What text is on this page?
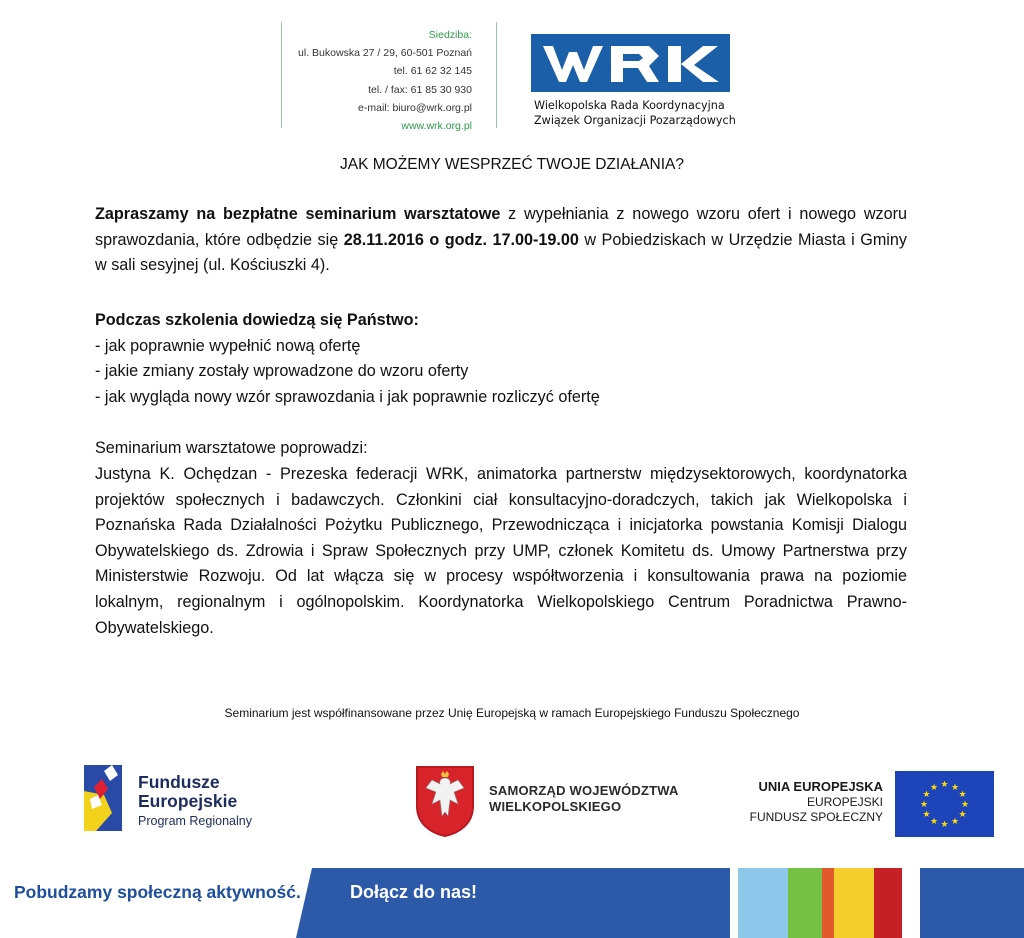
Siedziba:
ul. Bukowska 27 / 29, 60-501 Poznań
tel. 61 62 32 145
tel. / fax: 61 85 30 930
e-mail: biuro@wrk.org.pl
www.wrk.org.pl
Wielkopolska Rada Koordynacyjna
Związek Organizacji Pozarządowych
JAK MOŻEMY WESPRZEĆ TWOJE DZIAŁANIA?
Zapraszamy na bezpłatne seminarium warsztatowe z wypełniania z nowego wzoru ofert i nowego wzoru sprawozdania, które odbędzie się 28.11.2016 o godz. 17.00-19.00 w Pobiedziskach w Urzędzie Miasta i Gminy w sali sesyjnej (ul. Kościuszki 4).
Podczas szkolenia dowiedzą się Państwo:
- jak poprawnie wypełnić nową ofertę
- jakie zmiany zostały wprowadzone do wzoru oferty
- jak wygląda nowy wzór sprawozdania i jak poprawnie rozliczyć ofertę
Seminarium warsztatowe poprowadzi:
Justyna K. Ochędzan - Prezeska federacji WRK, animatorka partnerstw międzysektorowych, koordynatorka projektów społecznych i badawczych. Członkini ciał konsultacyjno-doradczych, takich jak Wielkopolska i Poznańska Rada Działalności Pożytku Publicznego, Przewodnicząca i inicjatorka powstania Komisji Dialogu Obywatelskiego ds. Zdrowia i Spraw Społecznych przy UMP, członek Komitetu ds. Umowy Partnerstwa przy Ministerstwie Rozwoju. Od lat włącza się w procesy współtworzenia i konsultowania prawa na poziomie lokalnym, regionalnym i ogólnopolskim. Koordynatorka Wielkopolskiego Centrum Poradnictwa Prawno-Obywatelskiego.
Seminarium jest współfinansowane przez Unię Europejską w ramach Europejskiego Funduszu Społecznego
Fundusze
Europejskie
Program Regionalny
SAMORZĄD WOJEWÓDZTWA
WIELKOPOLSKIEGO
UNIA EUROPEJSKA
EUROPEJSKI
FUNDUSZ SPOŁECZNY
★ ★
★
★
★
★
★
★
★
★
★
★
Pobudzamy społeczną aktywność.	Dołącz do nas!
